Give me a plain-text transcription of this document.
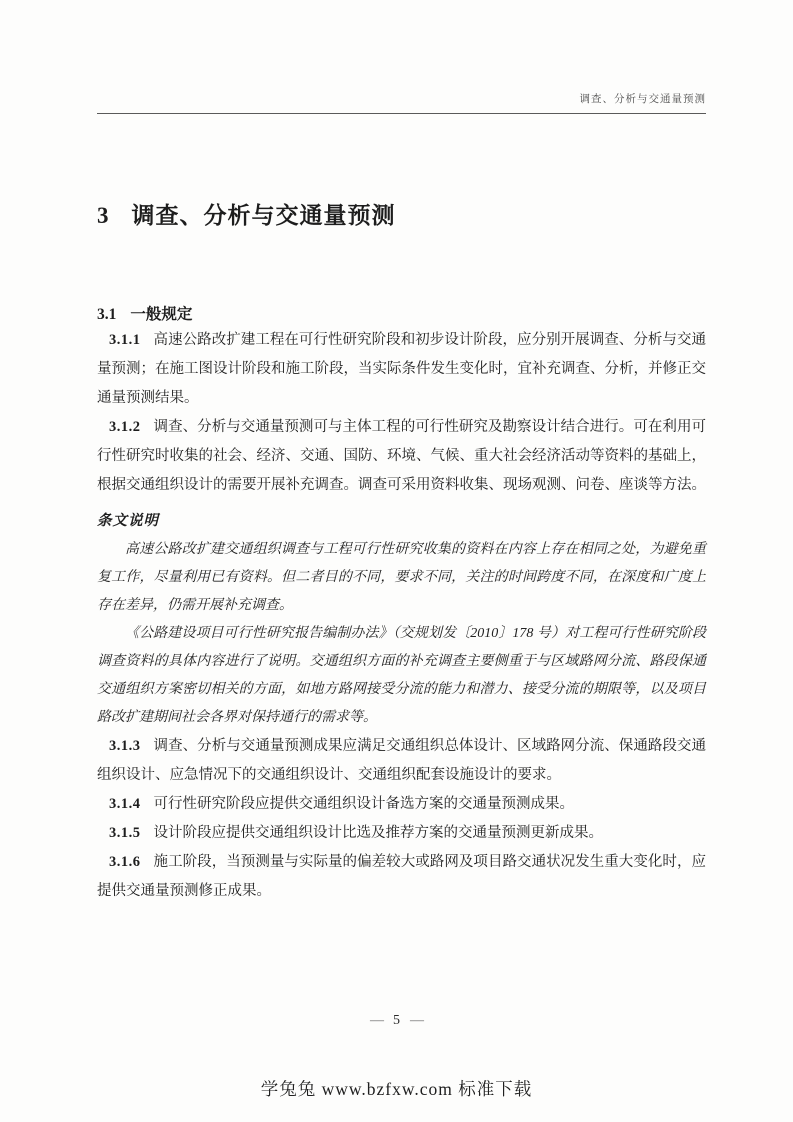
调查、分析与交通量预测
3 调查、分析与交通量预测
3.1 一般规定

3.1.1 高速公路改扩建工程在可行性研究阶段和初步设计阶段，应分别开展调查、分析与交通量预测；在施工图设计阶段和施工阶段，当实际条件发生变化时，宜补充调查、分析，并修正交通量预测结果。

3.1.2 调查、分析与交通量预测可与主体工程的可行性研究及勘察设计结合进行。可在利用可行性研究时收集的社会、经济、交通、国防、环境、气候、重大社会经济活动等资料的基础上，根据交通组织设计的需要开展补充调查。调查可采用资料收集、现场观测、问卷、座谈等方法。

条文说明

高速公路改扩建交通组织调查与工程可行性研究收集的资料在内容上存在相同之处，为避免重复工作，尽量利用已有资料。但二者目的不同，要求不同，关注的时间跨度不同，在深度和广度上存在差异，仍需开展补充调查。

《公路建设项目可行性研究报告编制办法》（交规划发〔2010〕178 号）对工程可行性研究阶段调查资料的具体内容进行了说明。交通组织方面的补充调查主要侧重于与区域路网分流、路段保通交通组织方案密切相关的方面，如地方路网接受分流的能力和潜力、接受分流的期限等，以及项目路改扩建期间社会各界对保持通行的需求等。

3.1.3 调查、分析与交通量预测成果应满足交通组织总体设计、区域路网分流、保通路段交通组织设计、应急情况下的交通组织设计、交通组织配套设施设计的要求。

3.1.4 可行性研究阶段应提供交通组织设计备选方案的交通量预测成果。

3.1.5 设计阶段应提供交通组织设计比选及推荐方案的交通量预测更新成果。

3.1.6 施工阶段，当预测量与实际量的偏差较大或路网及项目路交通状况发生重大变化时，应提供交通量预测修正成果。

— 5 —
学兔兔 www.bzfxw.com 标准下载
